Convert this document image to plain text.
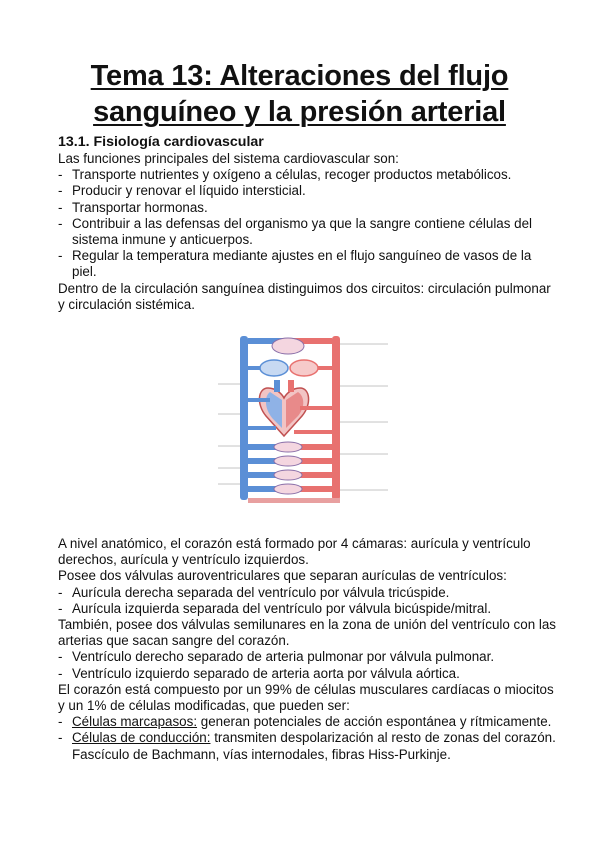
Tema 13: Alteraciones del flujo sanguíneo y la presión arterial
13.1. Fisiología cardiovascular

Las funciones principales del sistema cardiovascular son:

- Transporte nutrientes y oxígeno a células, recoger productos metabólicos.
- Producir y renovar el líquido intersticial.
- Transportar hormonas.
- Contribuir a las defensas del organismo ya que la sangre contiene células del sistema inmune y anticuerpos.
- Regular la temperatura mediante ajustes en el flujo sanguíneo de vasos de la piel.

Dentro de la circulación sanguínea distinguimos dos circuitos: circulación pulmonar y circulación sistémica.

A nivel anatómico, el corazón está formado por 4 cámaras: aurícula y ventrículo derechos, aurícula y ventrículo izquierdos.

Posee dos válvulas auroventriculares que separan aurículas de ventrículos:

- Aurícula derecha separada del ventrículo por válvula tricúspide.
- Aurícula izquierda separada del ventrículo por válvula bicúspide/mitral.

También, posee dos válvulas semilunares en la zona de unión del ventrículo con las arterias que sacan sangre del corazón.

- Ventrículo derecho separado de arteria pulmonar por válvula pulmonar.
- Ventrículo izquierdo separado de arteria aorta por válvula aórtica.

El corazón está compuesto por un 99% de células musculares cardíacas o miocitos y un 1% de células modificadas, que pueden ser:

- Células marcapasos: generan potenciales de acción espontánea y rítmicamente.
- Células de conducción: transmiten despolarización al resto de zonas del corazón. Fascículo de Bachmann, vías internodales, fibras Hiss-Purkinje.
